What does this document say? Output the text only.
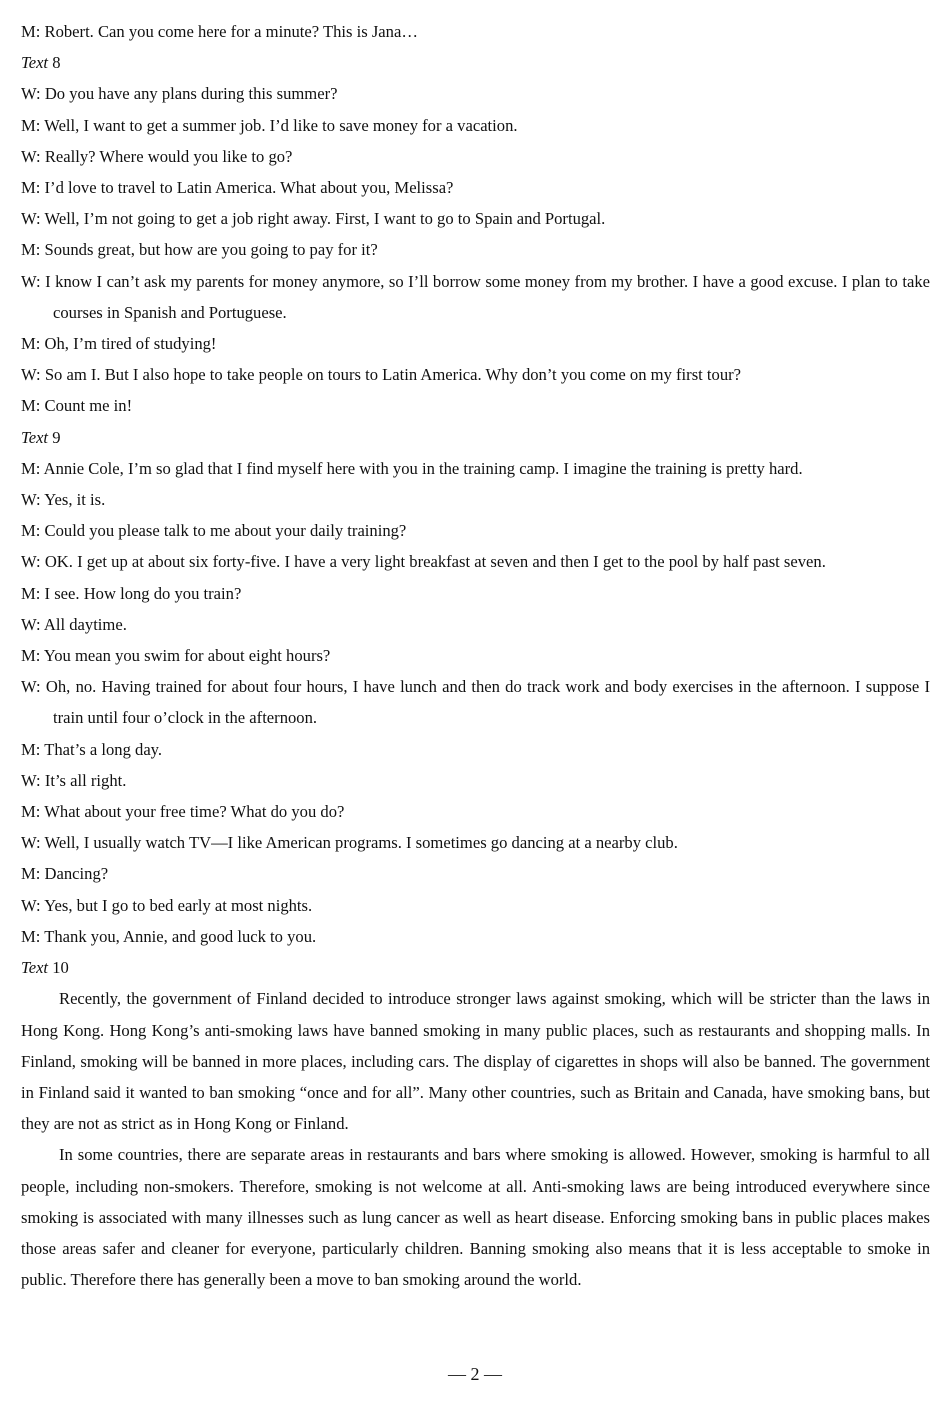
M: Robert. Can you come here for a minute? This is Jana…
Text 8
W: Do you have any plans during this summer?
M: Well, I want to get a summer job. I’d like to save money for a vacation.
W: Really? Where would you like to go?
M: I’d love to travel to Latin America. What about you, Melissa?
W: Well, I’m not going to get a job right away. First, I want to go to Spain and Portugal.
M: Sounds great, but how are you going to pay for it?
W: I know I can’t ask my parents for money anymore, so I’ll borrow some money from my brother. I have a good excuse. I plan to take courses in Spanish and Portuguese.
M: Oh, I’m tired of studying!
W: So am I. But I also hope to take people on tours to Latin America. Why don’t you come on my first tour?
M: Count me in!
Text 9
M: Annie Cole, I’m so glad that I find myself here with you in the training camp. I imagine the training is pretty hard.
W: Yes, it is.
M: Could you please talk to me about your daily training?
W: OK. I get up at about six forty-five. I have a very light breakfast at seven and then I get to the pool by half past seven.
M: I see. How long do you train?
W: All daytime.
M: You mean you swim for about eight hours?
W: Oh, no. Having trained for about four hours, I have lunch and then do track work and body exercises in the afternoon. I suppose I train until four o’clock in the afternoon.
M: That’s a long day.
W: It’s all right.
M: What about your free time? What do you do?
W: Well, I usually watch TV—I like American programs. I sometimes go dancing at a nearby club.
M: Dancing?
W: Yes, but I go to bed early at most nights.
M: Thank you, Annie, and good luck to you.
Text 10
Recently, the government of Finland decided to introduce stronger laws against smoking, which will be stricter than the laws in Hong Kong. Hong Kong’s anti-smoking laws have banned smoking in many public places, such as restaurants and shopping malls. In Finland, smoking will be banned in more places, including cars. The display of cigarettes in shops will also be banned. The government in Finland said it wanted to ban smoking “once and for all”. Many other countries, such as Britain and Canada, have smoking bans, but they are not as strict as in Hong Kong or Finland.
In some countries, there are separate areas in restaurants and bars where smoking is allowed. However, smoking is harmful to all people, including non-smokers. Therefore, smoking is not welcome at all. Anti-smoking laws are being introduced everywhere since smoking is associated with many illnesses such as lung cancer as well as heart disease. Enforcing smoking bans in public places makes those areas safer and cleaner for everyone, particularly children. Banning smoking also means that it is less acceptable to smoke in public. Therefore there has generally been a move to ban smoking around the world.
— 2 —
